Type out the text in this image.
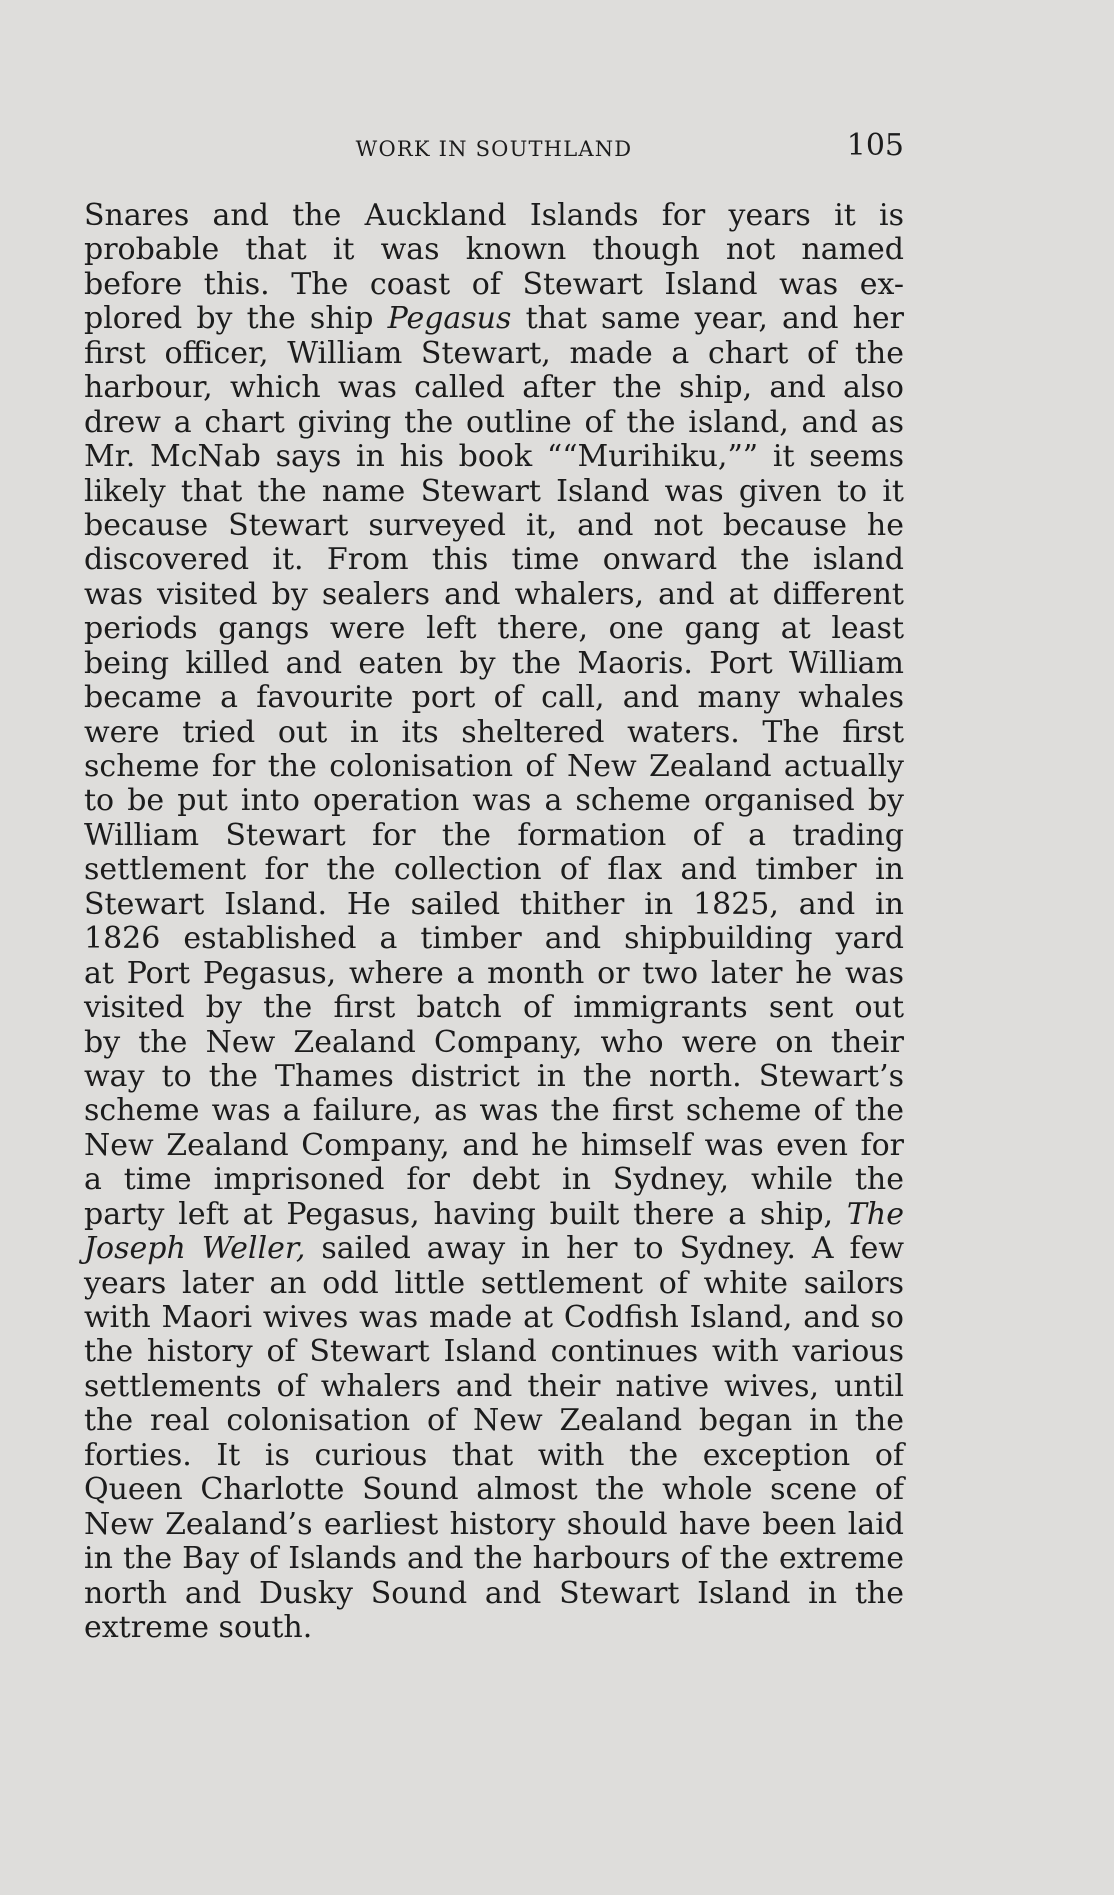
WORK IN SOUTHLAND	105
Snares and the Auckland Islands for years it is
probable that it was known though not named
before this. The coast of Stewart Island was ex-
plored by the ship Pegasus that same year, and her
first officer, William Stewart, made a chart of the
harbour, which was called after the ship, and also
drew a chart giving the outline of the island, and as
Mr. McNab says in his book ““Murihiku,”” it seems
likely that the name Stewart Island was given to it
because Stewart surveyed it, and not because he
discovered it. From this time onward the island
was visited by sealers and whalers, and at different
periods gangs were left there, one gang at least
being killed and eaten by the Maoris. Port William
became a favourite port of call, and many whales
were tried out in its sheltered waters. The first
scheme for the colonisation of New Zealand actually
to be put into operation was a scheme organised by
William Stewart for the formation of a trading
settlement for the collection of flax and timber in
Stewart Island. He sailed thither in 1825, and in
1826 established a timber and shipbuilding yard
at Port Pegasus, where a month or two later he was
visited by the first batch of immigrants sent out
by the New Zealand Company, who were on their
way to the Thames district in the north. Stewart’s
scheme was a failure, as was the first scheme of the
New Zealand Company, and he himself was even for
a time imprisoned for debt in Sydney, while the
party left at Pegasus, having built there a ship, The
Joseph Weller, sailed away in her to Sydney. A few
years later an odd little settlement of white sailors
with Maori wives was made at Codfish Island, and so
the history of Stewart Island continues with various
settlements of whalers and their native wives, until
the real colonisation of New Zealand began in the
forties. It is curious that with the exception of
Queen Charlotte Sound almost the whole scene of
New Zealand’s earliest history should have been laid
in the Bay of Islands and the harbours of the extreme
north and Dusky Sound and Stewart Island in the
extreme south.
